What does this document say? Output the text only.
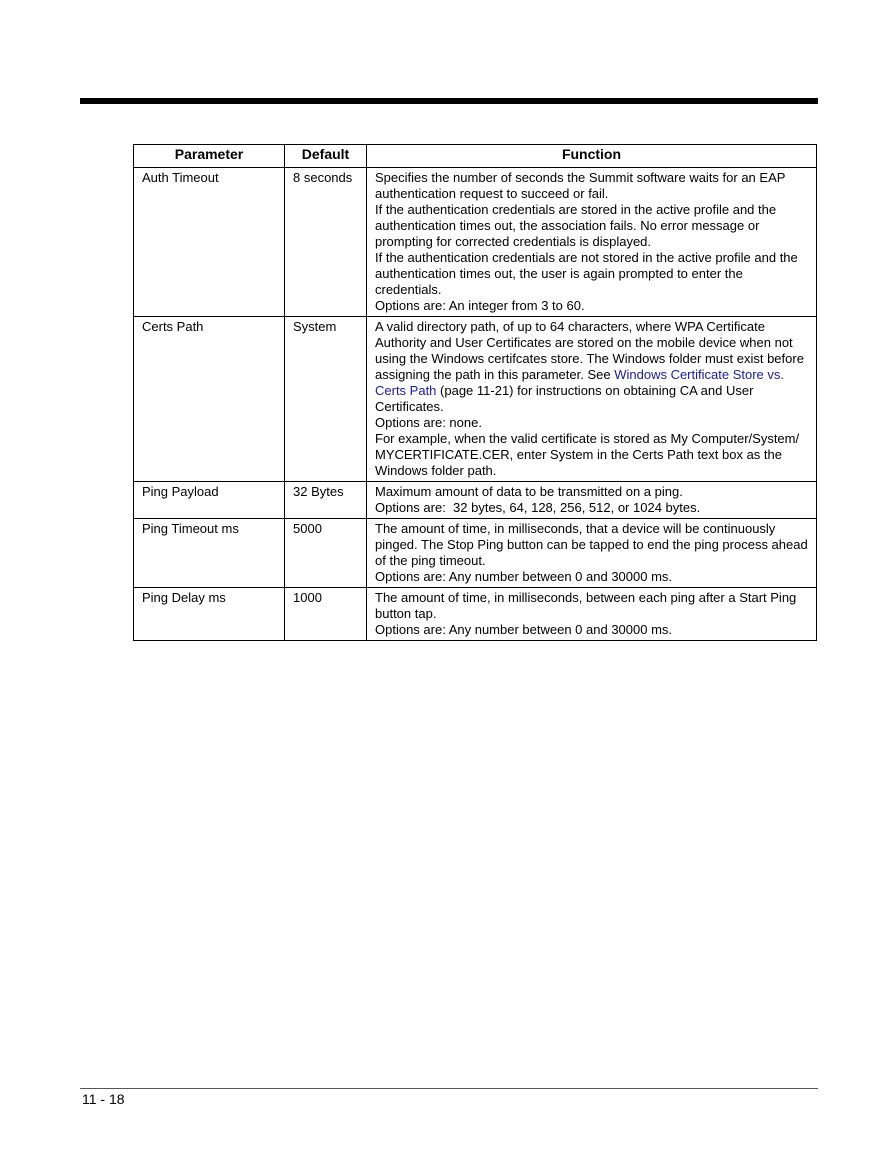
Parameter	Default	Function
Auth Timeout	8 seconds	Specifies the number of seconds the Summit software waits for an EAP authentication request to succeed or fail.
If the authentication credentials are stored in the active profile and the authentication times out, the association fails. No error message or prompting for corrected credentials is displayed.
If the authentication credentials are not stored in the active profile and the authentication times out, the user is again prompted to enter the credentials.
Options are: An integer from 3 to 60.

Certs Path	System	A valid directory path, of up to 64 characters, where WPA Certificate Authority and User Certificates are stored on the mobile device when not using the Windows certifcates store. The Windows folder must exist before assigning the path in this parameter. See Windows Certificate Store vs. Certs Path (page 11-21) for instructions on obtaining CA and User Certificates.
Options are: none.
For example, when the valid certificate is stored as My Computer/System/ MYCERTIFICATE.CER, enter System in the Certs Path text box as the Windows folder path.

Ping Payload	32 Bytes	Maximum amount of data to be transmitted on a ping.
Options are:  32 bytes, 64, 128, 256, 512, or 1024 bytes.

Ping Timeout ms	5000	The amount of time, in milliseconds, that a device will be continuously pinged. The Stop Ping button can be tapped to end the ping process ahead of the ping timeout.
Options are: Any number between 0 and 30000 ms.

Ping Delay ms	1000	The amount of time, in milliseconds, between each ping after a Start Ping button tap.
Options are: Any number between 0 and 30000 ms.
11 - 18
